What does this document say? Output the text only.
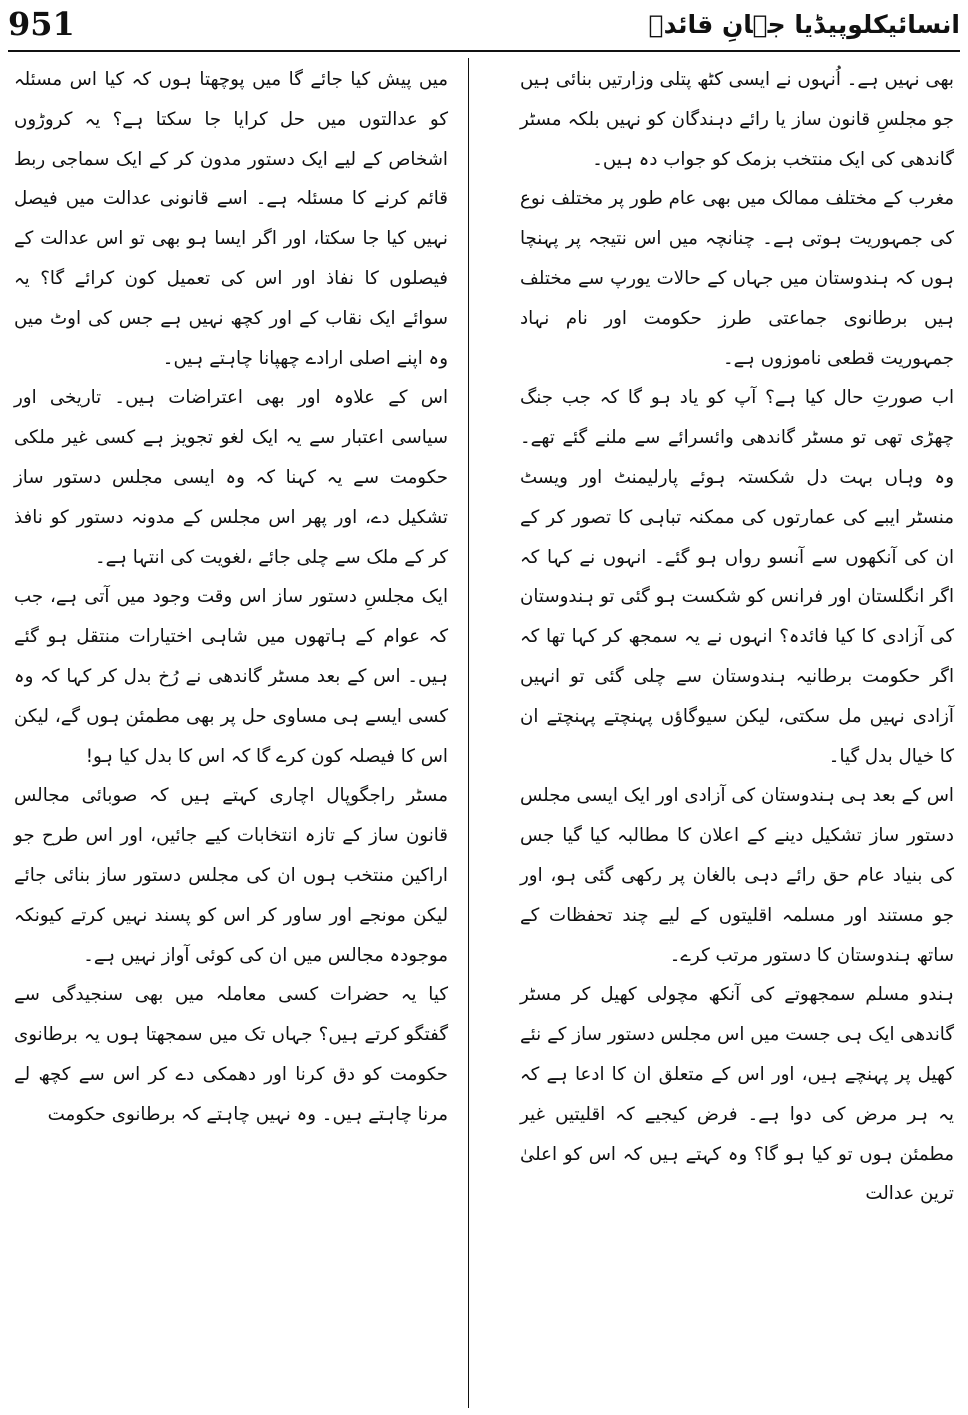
951	انسائیکلوپیڈیا جہانِ قائدؒ

بھی نہیں ہے۔ اُنہوں نے ایسی کٹھ پتلی وزارتیں بنائی ہیں جو مجلسِ قانون ساز یا رائے دہندگان کو نہیں بلکہ مسٹر گاندھی کی ایک منتخب بزمک کو جواب دہ ہیں۔

مغرب کے مختلف ممالک میں بھی عام طور پر مختلف نوع کی جمہوریت ہوتی ہے۔ چنانچہ میں اس نتیجہ پر پہنچا ہوں کہ ہندوستان میں جہاں کے حالات یورپ سے مختلف ہیں برطانوی جماعتی طرز حکومت اور نام نہاد جمہوریت قطعی ناموزوں ہے۔

اب صورتِ حال کیا ہے؟ آپ کو یاد ہو گا کہ جب جنگ چھڑی تھی تو مسٹر گاندھی وائسرائے سے ملنے گئے تھے۔ وہ وہاں بہت دل شکستہ ہوئے پارلیمنٹ اور ویسٹ منسٹر ایبے کی عمارتوں کی ممکنہ تباہی کا تصور کر کے ان کی آنکھوں سے آنسو رواں ہو گئے۔ انہوں نے کہا کہ اگر انگلستان اور فرانس کو شکست ہو گئی تو ہندوستان کی آزادی کا کیا فائدہ؟ انہوں نے یہ سمجھ کر کہا تھا کہ اگر حکومت برطانیہ ہندوستان سے چلی گئی تو انہیں آزادی نہیں مل سکتی، لیکن سیوگاؤں پہنچتے پہنچتے ان کا خیال بدل گیا۔

اس کے بعد ہی ہندوستان کی آزادی اور ایک ایسی مجلس دستور ساز تشکیل دینے کے اعلان کا مطالبہ کیا گیا جس کی بنیاد عام حق رائے دہی بالغان پر رکھی گئی ہو، اور جو مستند اور مسلمہ اقلیتوں کے لیے چند تحفظات کے ساتھ ہندوستان کا دستور مرتب کرے۔

ہندو مسلم سمجھوتے کی آنکھ مچولی کھیل کر مسٹر گاندھی ایک ہی جست میں اس مجلس دستور ساز کے نئے کھیل پر پہنچے ہیں، اور اس کے متعلق ان کا ادعا ہے کہ یہ ہر مرض کی دوا ہے۔ فرض کیجیے کہ اقلیتیں غیر مطمئن ہوں تو کیا ہو گا؟ وہ کہتے ہیں کہ اس کو اعلیٰ ترین عدالت

میں پیش کیا جائے گا میں پوچھتا ہوں کہ کیا اس مسئلہ کو عدالتوں میں حل کرایا جا سکتا ہے؟ یہ کروڑوں اشخاص کے لیے ایک دستور مدون کر کے ایک سماجی ربط قائم کرنے کا مسئلہ ہے۔ اسے قانونی عدالت میں فیصل نہیں کیا جا سکتا، اور اگر ایسا ہو بھی تو اس عدالت کے فیصلوں کا نفاذ اور اس کی تعمیل کون کرائے گا؟ یہ سوائے ایک نقاب کے اور کچھ نہیں ہے جس کی اوٹ میں وہ اپنے اصلی ارادے چھپانا چاہتے ہیں۔

اس کے علاوہ اور بھی اعتراضات ہیں۔ تاریخی اور سیاسی اعتبار سے یہ ایک لغو تجویز ہے کسی غیر ملکی حکومت سے یہ کہنا کہ وہ ایسی مجلس دستور ساز تشکیل دے، اور پھر اس مجلس کے مدونہ دستور کو نافذ کر کے ملک سے چلی جائے ،لغویت کی انتہا ہے۔

ایک مجلسِ دستور ساز اس وقت وجود میں آتی ہے، جب کہ عوام کے ہاتھوں میں شاہی اختیارات منتقل ہو گئے ہیں۔ اس کے بعد مسٹر گاندھی نے رُخ بدل کر کہا کہ وہ کسی ایسے ہی مساوی حل پر بھی مطمئن ہوں گے، لیکن اس کا فیصلہ کون کرے گا کہ اس کا بدل کیا ہو!

مسٹر راجگوپال اچاری کہتے ہیں کہ صوبائی مجالس قانون ساز کے تازہ انتخابات کیے جائیں، اور اس طرح جو اراکین منتخب ہوں ان کی مجلس دستور ساز بنائی جائے لیکن مونجے اور ساور کر اس کو پسند نہیں کرتے کیونکہ موجودہ مجالس میں ان کی کوئی آواز نہیں ہے۔

کیا یہ حضرات کسی معاملہ میں بھی سنجیدگی سے گفتگو کرتے ہیں؟ جہاں تک میں سمجھتا ہوں یہ برطانوی حکومت کو دق کرنا اور دھمکی دے کر اس سے کچھ لے مرنا چاہتے ہیں۔ وہ نہیں چاہتے کہ برطانوی حکومت
